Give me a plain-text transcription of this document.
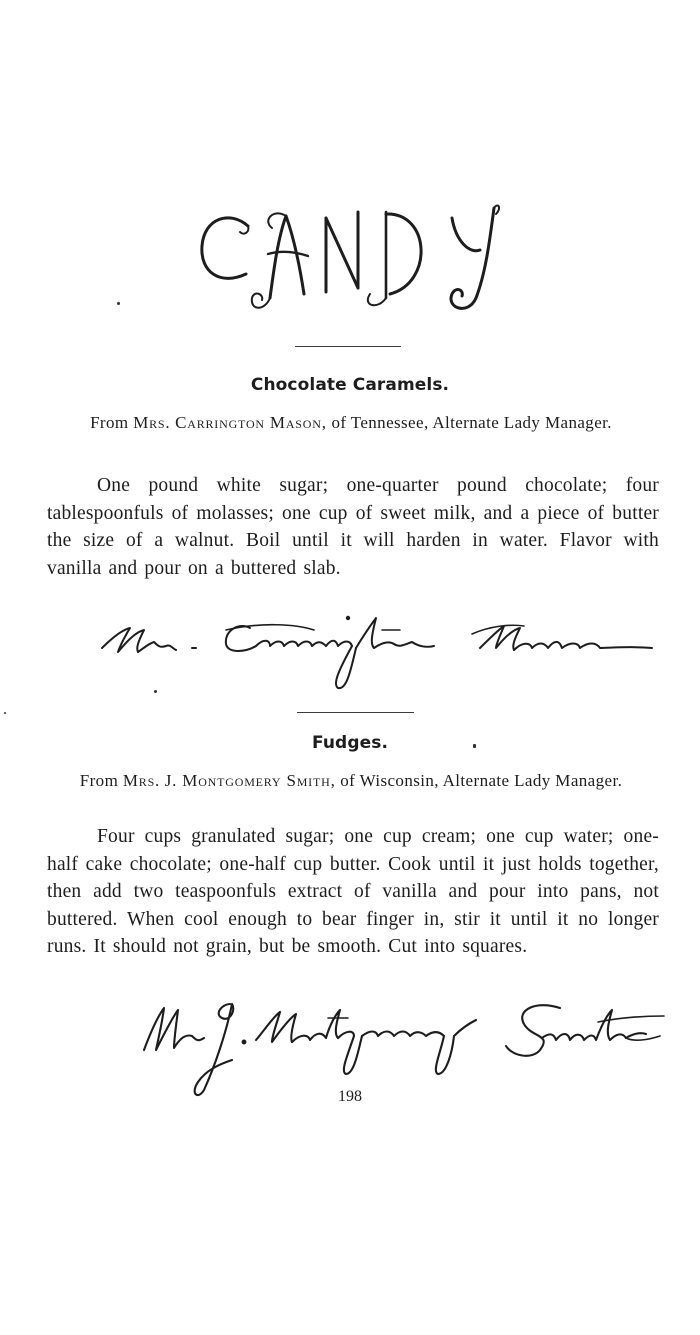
Chocolate Caramels.
From Mrs. Carrington Mason, of Tennessee, Alternate Lady Manager.
One pound white sugar; one-quarter pound chocolate; four tablespoonfuls of molasses; one cup of sweet milk, and a piece of butter the size of a walnut. Boil until it will harden in water. Flavor with vanilla and pour on a buttered slab.
Fudges.
From Mrs. J. Montgomery Smith, of Wisconsin, Alternate Lady Manager.
Four cups granulated sugar; one cup cream; one cup water; one-half cake chocolate; one-half cup butter. Cook until it just holds together, then add two teaspoonfuls extract of vanilla and pour into pans, not buttered. When cool enough to bear finger in, stir it until it no longer runs. It should not grain, but be smooth. Cut into squares.
198
